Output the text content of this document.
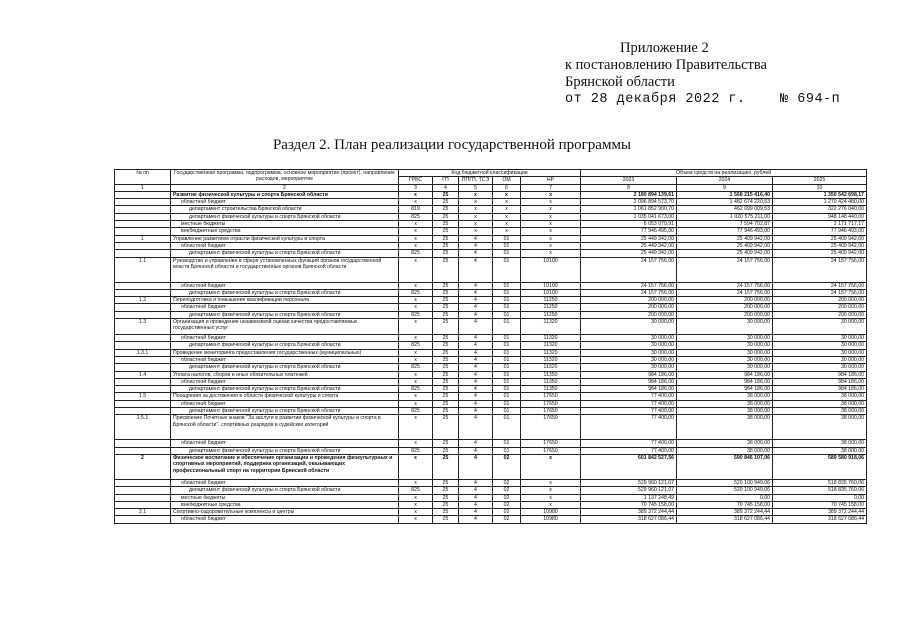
Приложение 2
к постановлению Правительства
Брянской области
от 28 декабря 2022 г.    № 694-п
Раздел 2. План реализации государственной программы
№ пп	Государственная программа, подпрограмма, основное мероприятие (проект), направление расходов, мероприятие	Код бюджетной классификации					Объем средств на реализацию, рублей		
		ГРБС	ГП	ППГП, ТСЭ	ОМ	НР	2023	2024	2025
1	2	3	4	5	6	7	8	9	10
	Развитие физической культуры и спорта Брянской области	х	25	х	х	х	2 180 894 139,61	1 568 215 416,40	1 350 542 698,17
	областной бюджет	х	25	х	х	х	2 096 894 573,70	1 482 674 220,53	1 270 424 480,00
	департамент строительства Брянской области	819	25	х	х	х	1 061 852 900,70	462 099 009,53	322 276 040,00
	департамент физической культуры и спорта Брянской области	825	25	х	х	х	1 035 041 673,00	1 020 575 211,00	948 148 440,00
	местные бюджеты	х	25	х	х	х	6 053 070,91	7 594 702,87	2 171 717,17
	внебюджетные средства	х	25	х	х	х	77 946 495,00	77 946 493,00	77 946 493,00
1	Управление развитием отрасли физической культуры и спорта	х	25	4	01	х	25 449 342,00	25 409 942,00	25 409 942,00
	областной бюджет	х	25	4	01	х	25 449 342,00	25 409 942,00	25 409 942,00
	департамент физической культуры и спорта Брянской области	825	25	4	01	х	25 449 342,00	25 409 942,00	25 409 942,00
1.1	Руководство и управление в сфере установленных функций органов государственной власти Брянской области и государственных органов Брянской области	х	25	4	01	10100	24 157 756,00	24 157 756,00	24 157 756,00
	областной бюджет	х	25	4	01	10100	24 157 756,00	24 157 756,00	24 157 756,00
	департамент физической культуры и спорта Брянской области	825	25	4	01	10100	24 157 756,00	24 157 756,00	24 157 756,00
1.2	Переподготовка и повышение квалификации персонала	х	25	4	01	11250	200 000,00	200 000,00	200 000,00
	областной бюджет	х	25	4	01	11250	200 000,00	200 000,00	200 000,00
	департамент физической культуры и спорта Брянской области	825	25	4	01	11250	200 000,00	200 000,00	200 000,00
1.3	Организация и проведение независимой оценки качества предоставляемых государственных услуг	х	25	4	01	11320	30 000,00	30 000,00	30 000,00
	областной бюджет	х	25	4	01	11320	30 000,00	30 000,00	30 000,00
	департамент физической культуры и спорта Брянской области	825	25	4	01	11320	30 000,00	30 000,00	30 000,00
1.3.1	Проведение мониторинга предоставления государственных (муниципальных)	х	25	4	01	11320	30 000,00	30 000,00	30 000,00
	областной бюджет	х	25	4	01	11320	30 000,00	30 000,00	30 000,00
	департамент физической культуры и спорта Брянской области	825	25	4	01	11320	30 000,00	30 000,00	30 000,00
1.4	Уплата налогов, сборов и иных обязательных платежей	х	25	4	01	11350	984 186,00	984 186,00	984 186,00
	областной бюджет	х	25	4	01	11350	984 186,00	984 186,00	984 186,00
	департамент физической культуры и спорта Брянской области	825	25	4	01	11350	984 186,00	984 186,00	984 186,00
1.5	Поощрения за достижения в области физической культуры и спорта	х	25	4	01	17650	77 400,00	38 000,00	38 000,00
	областной бюджет	х	25	4	01	17650	77 400,00	38 000,00	38 000,00
	департамент физической культуры и спорта Брянской области	825	25	4	01	17650	77 400,00	38 000,00	38 000,00
1.5.1	Присвоение Почетных знаков "За заслуги в развитии физической культуры и спорта в Брянской области", спортивных разрядов и судейских категорий	х	25	4	01	17650	77 400,00	38 000,00	38 000,00
	областной бюджет	х	25	4	01	17650	77 400,00	38 000,00	38 000,00
	департамент физической культуры и спорта Брянской области	825	25	4	01	17650	77 400,00	38 000,00	38 000,00
2	Физическое воспитание и обеспечение организации и проведения физкультурных и спортивных мероприятий, поддержка организаций, оказывающих профессиональный спорт на территории Брянской области	х	25	4	02	х	601 842 527,56	590 846 107,06	589 580 918,06
	областной бюджет	х	25	4	02	х	529 960 121,07	520 100 949,06	518 835 760,06
	департамент физической культуры и спорта Брянской области	825	25	4	02	х	529 960 121,07	520 100 949,06	518 835 760,06
	местные бюджеты	х	25	4	02	х	1 137 248,49	0,00	0,00
	внебюджетные средства	х	25	4	02	х	70 745 158,00	70 745 158,00	70 745 158,00
2.1	Спортивно-оздоровительные комплексы и центры	х	25	4	02	10980	389 372 244,44	389 372 244,44	389 372 244,44
	областной бюджет	х	25	4	02	10980	318 627 086,44	318 627 086,44	318 627 086,44
